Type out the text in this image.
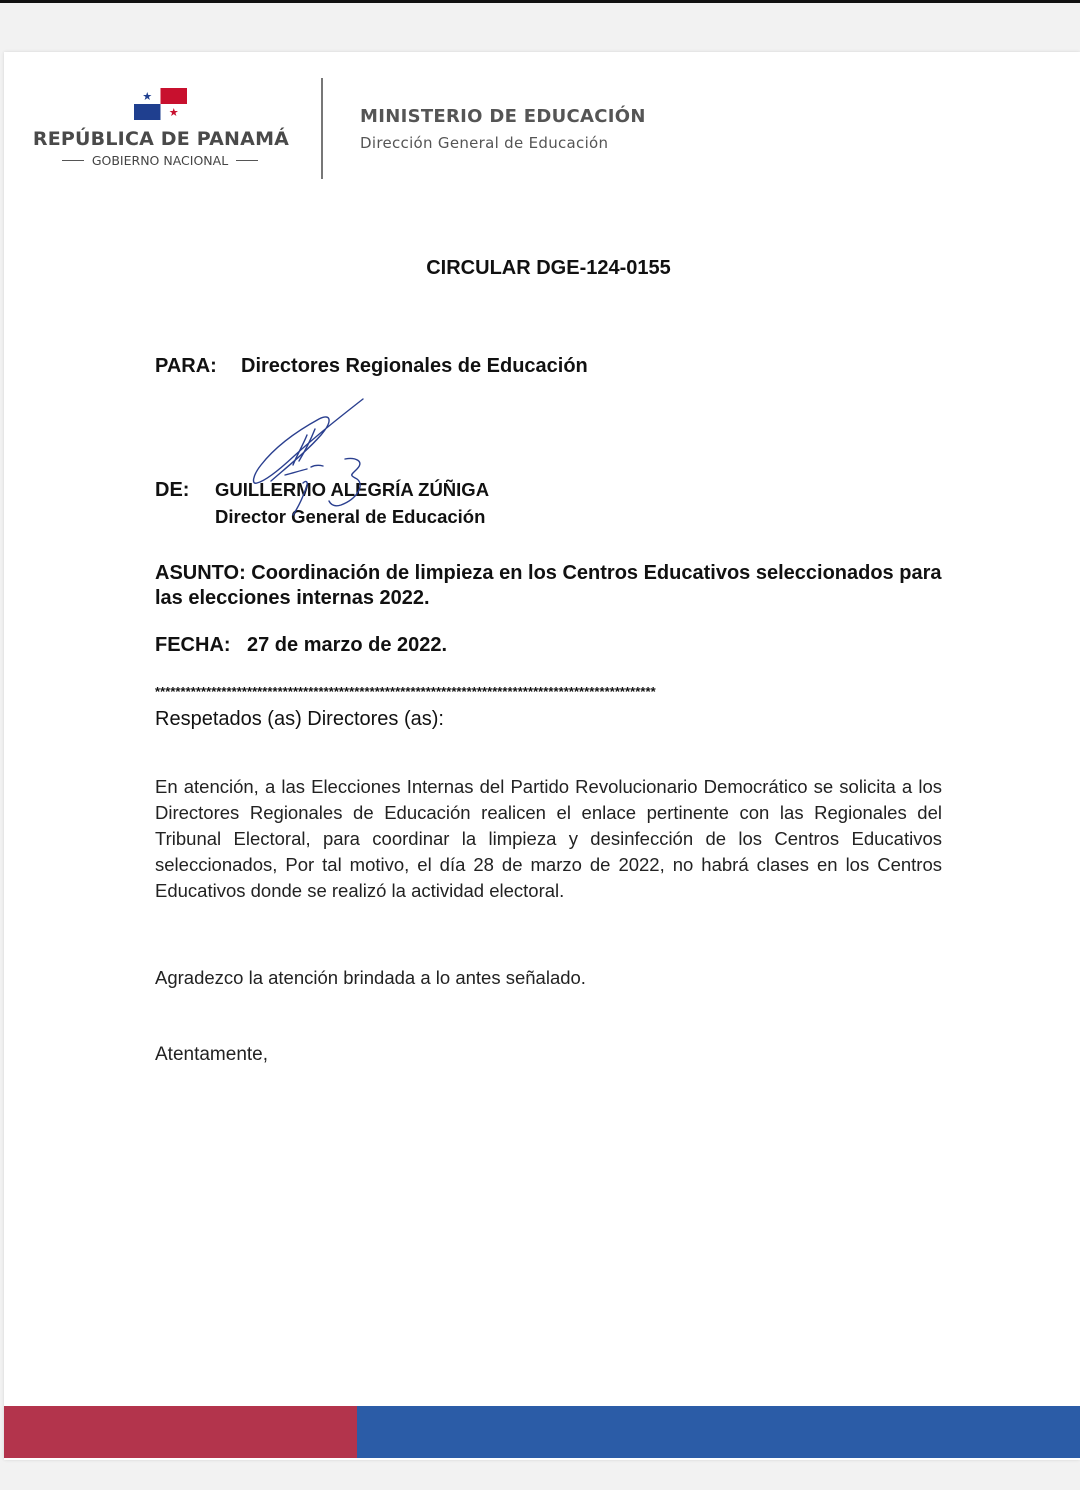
REPÚBLICA DE PANAMÁ
GOBIERNO NACIONAL
MINISTERIO DE EDUCACIÓN
Dirección General de Educación
CIRCULAR DGE-124-0155
PARA: Directores Regionales de Educación
DE: GUILLERMO ALEGRÍA ZÚÑIGA
Director General de Educación
ASUNTO: Coordinación de limpieza en los Centros Educativos seleccionados para las elecciones internas 2022.
FECHA: 27 de marzo de 2022.
**************************************************************************************************
Respetados (as) Directores (as):
En atención, a las Elecciones Internas del Partido Revolucionario Democrático se solicita a los Directores Regionales de Educación realicen el enlace pertinente con las Regionales del Tribunal Electoral, para coordinar la limpieza y desinfección de los Centros Educativos seleccionados, Por tal motivo, el día 28 de marzo de 2022, no habrá clases en los Centros Educativos donde se realizó la actividad electoral.
Agradezco la atención brindada a lo antes señalado.
Atentamente,
